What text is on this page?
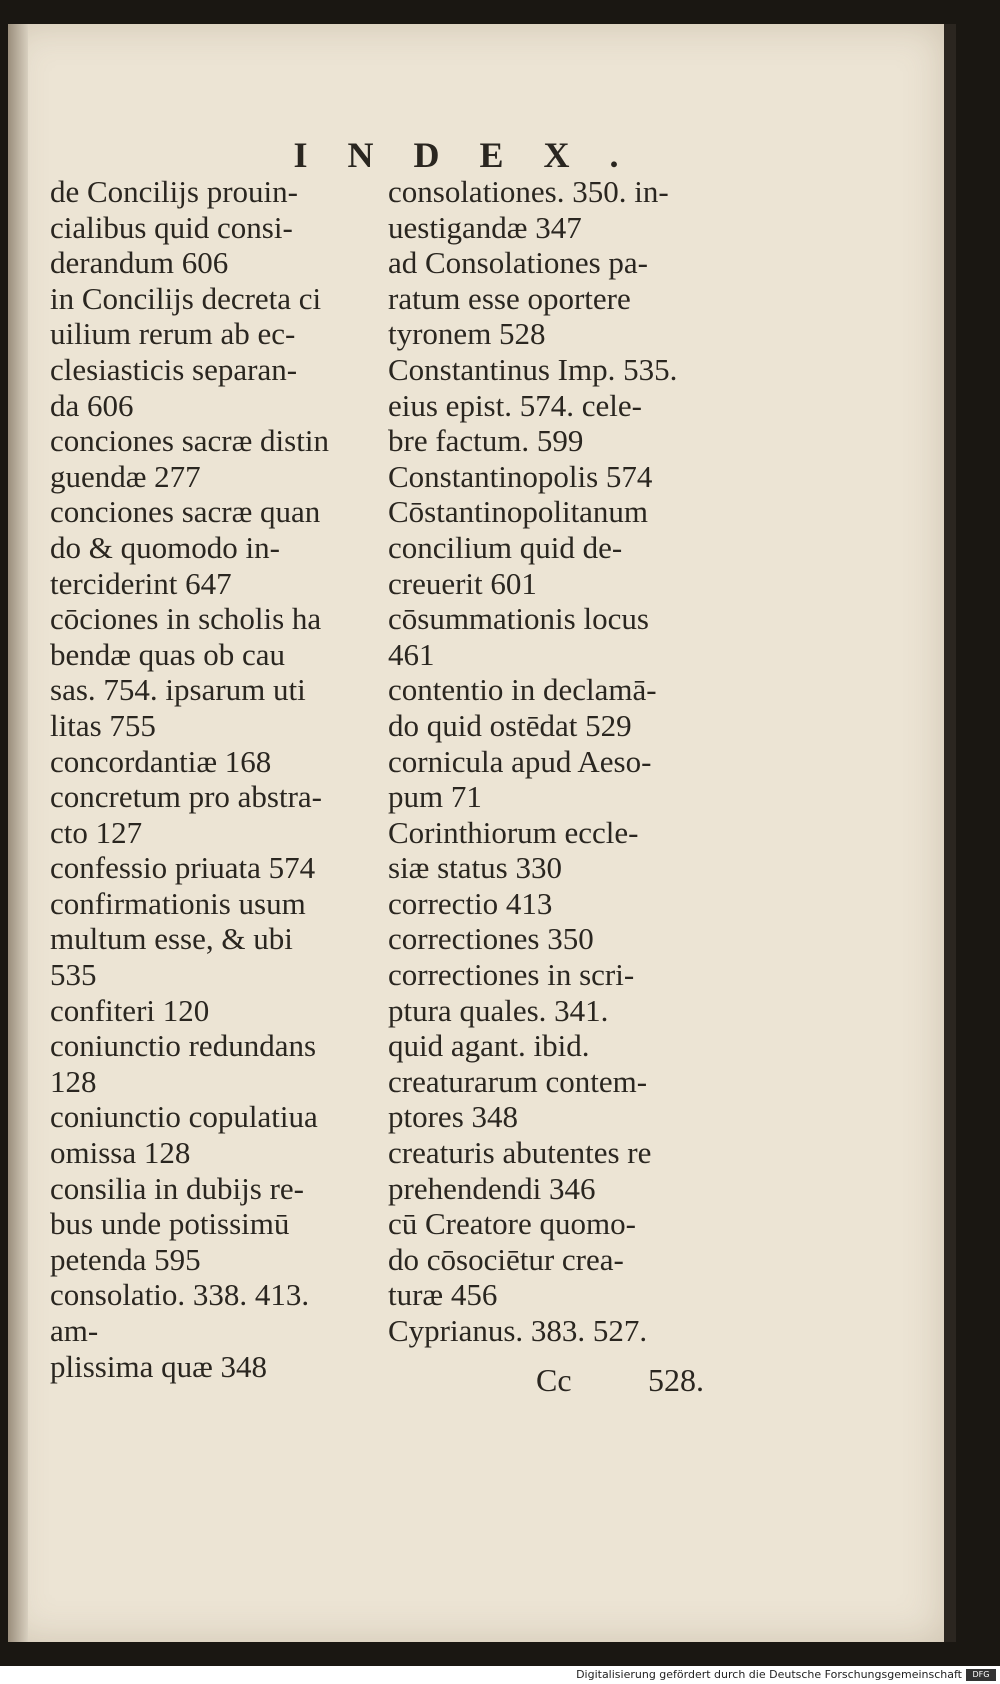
INDEX.
de Concilijs prouin-
cialibus quid consi-
derandum 606
in Concilijs decreta ci
uilium rerum ab ec-
clesiasticis separan-
da 606
conciones sacræ distin
guendæ 277
conciones sacræ quan
do & quomodo in-
terciderint 647
cōciones in scholis ha
bendæ quas ob cau
sas. 754. ipsarum uti
litas 755
concordantiæ 168
concretum pro abstra-
cto 127
confessio priuata 574
confirmationis usum
multum esse, & ubi
535
confiteri 120
coniunctio redundans
128
coniunctio copulatiua
omissa 128
consilia in dubijs re-
bus unde potissimū
petenda 595
consolatio. 338. 413. am-
plissima quæ 348
consolationes. 350. in-
uestigandæ 347
ad Consolationes pa-
ratum esse oportere
tyronem 528
Constantinus Imp. 535.
eius epist. 574. cele-
bre factum. 599
Constantinopolis 574
Cōstantinopolitanum
concilium quid de-
creuerit 601
cōsummationis locus
461
contentio in declamā-
do quid ostēdat 529
cornicula apud Aeso-
pum 71
Corinthiorum eccle-
siæ status 330
correctio 413
correctiones 350
correctiones in scri-
ptura quales. 341.
quid agant. ibid.
creaturarum contem-
ptores 348
creaturis abutentes re
prehendendi 346
cū Creatore quomo-
do cōsociētur crea-
turæ 456
Cyprianus. 383. 527.
Cc 528.
Digitalisierung gefördert durch die Deutsche Forschungsgemeinschaft	DFG
